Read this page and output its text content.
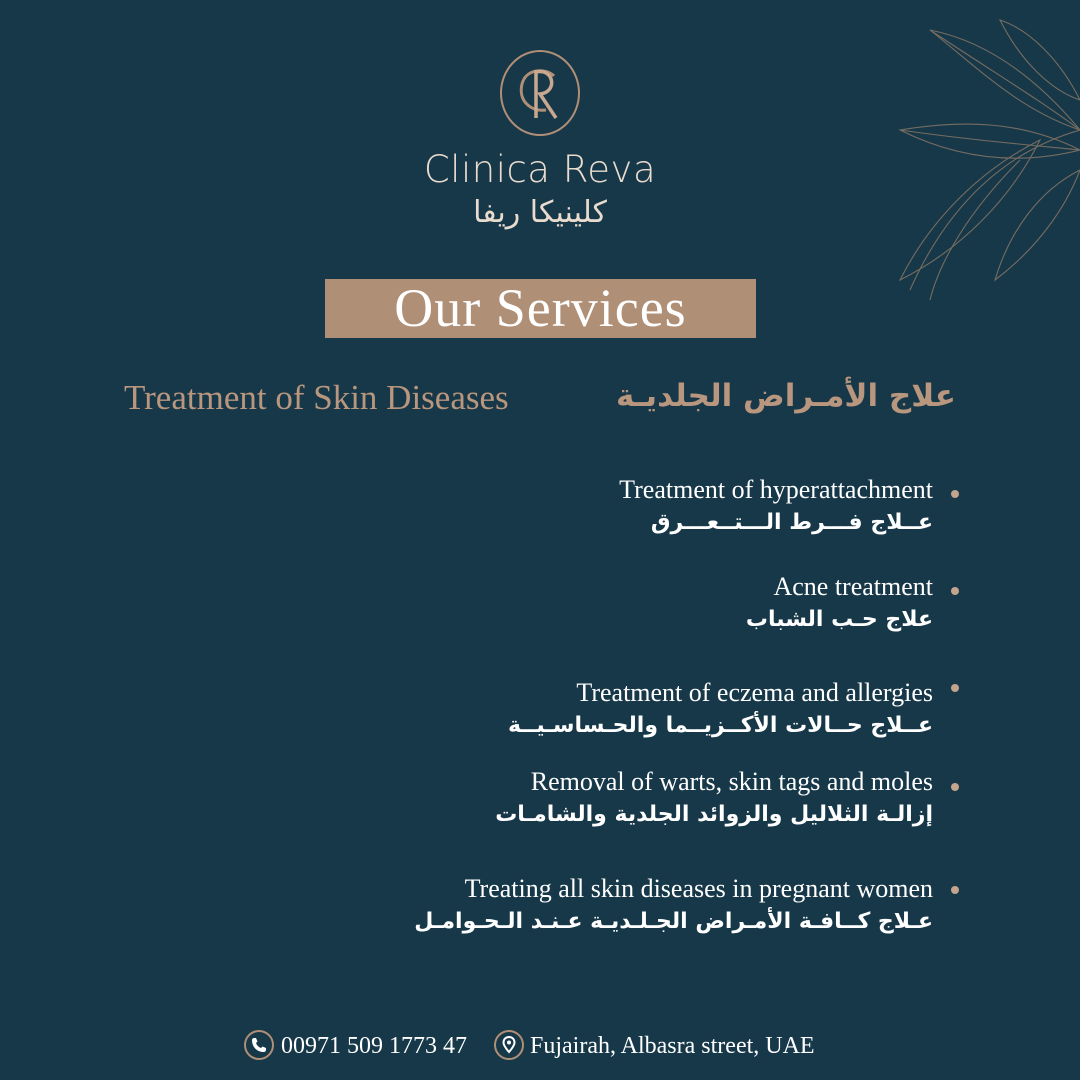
Clinica Reva
كلينيكا ريفا
Our Services
Treatment of Skin Diseases	علاج الأمـراض الجلديـة
Treatment of hyperattachment
عــلاج فـــرط الـــتــعـــرق
Acne treatment
علاج حـب الشباب
Treatment of eczema and allergies
عــلاج حــالات الأكــزيــما والحـساسـيــة
Removal of warts, skin tags and moles
إزالـة الثلاليل والزوائد الجلدية والشامـات
Treating all skin diseases in pregnant women
عـلاج كــافـة الأمـراض الجـلـديـة عـنـد الـحـوامـل
00971 509 1773 47	Fujairah, Albasra street, UAE
